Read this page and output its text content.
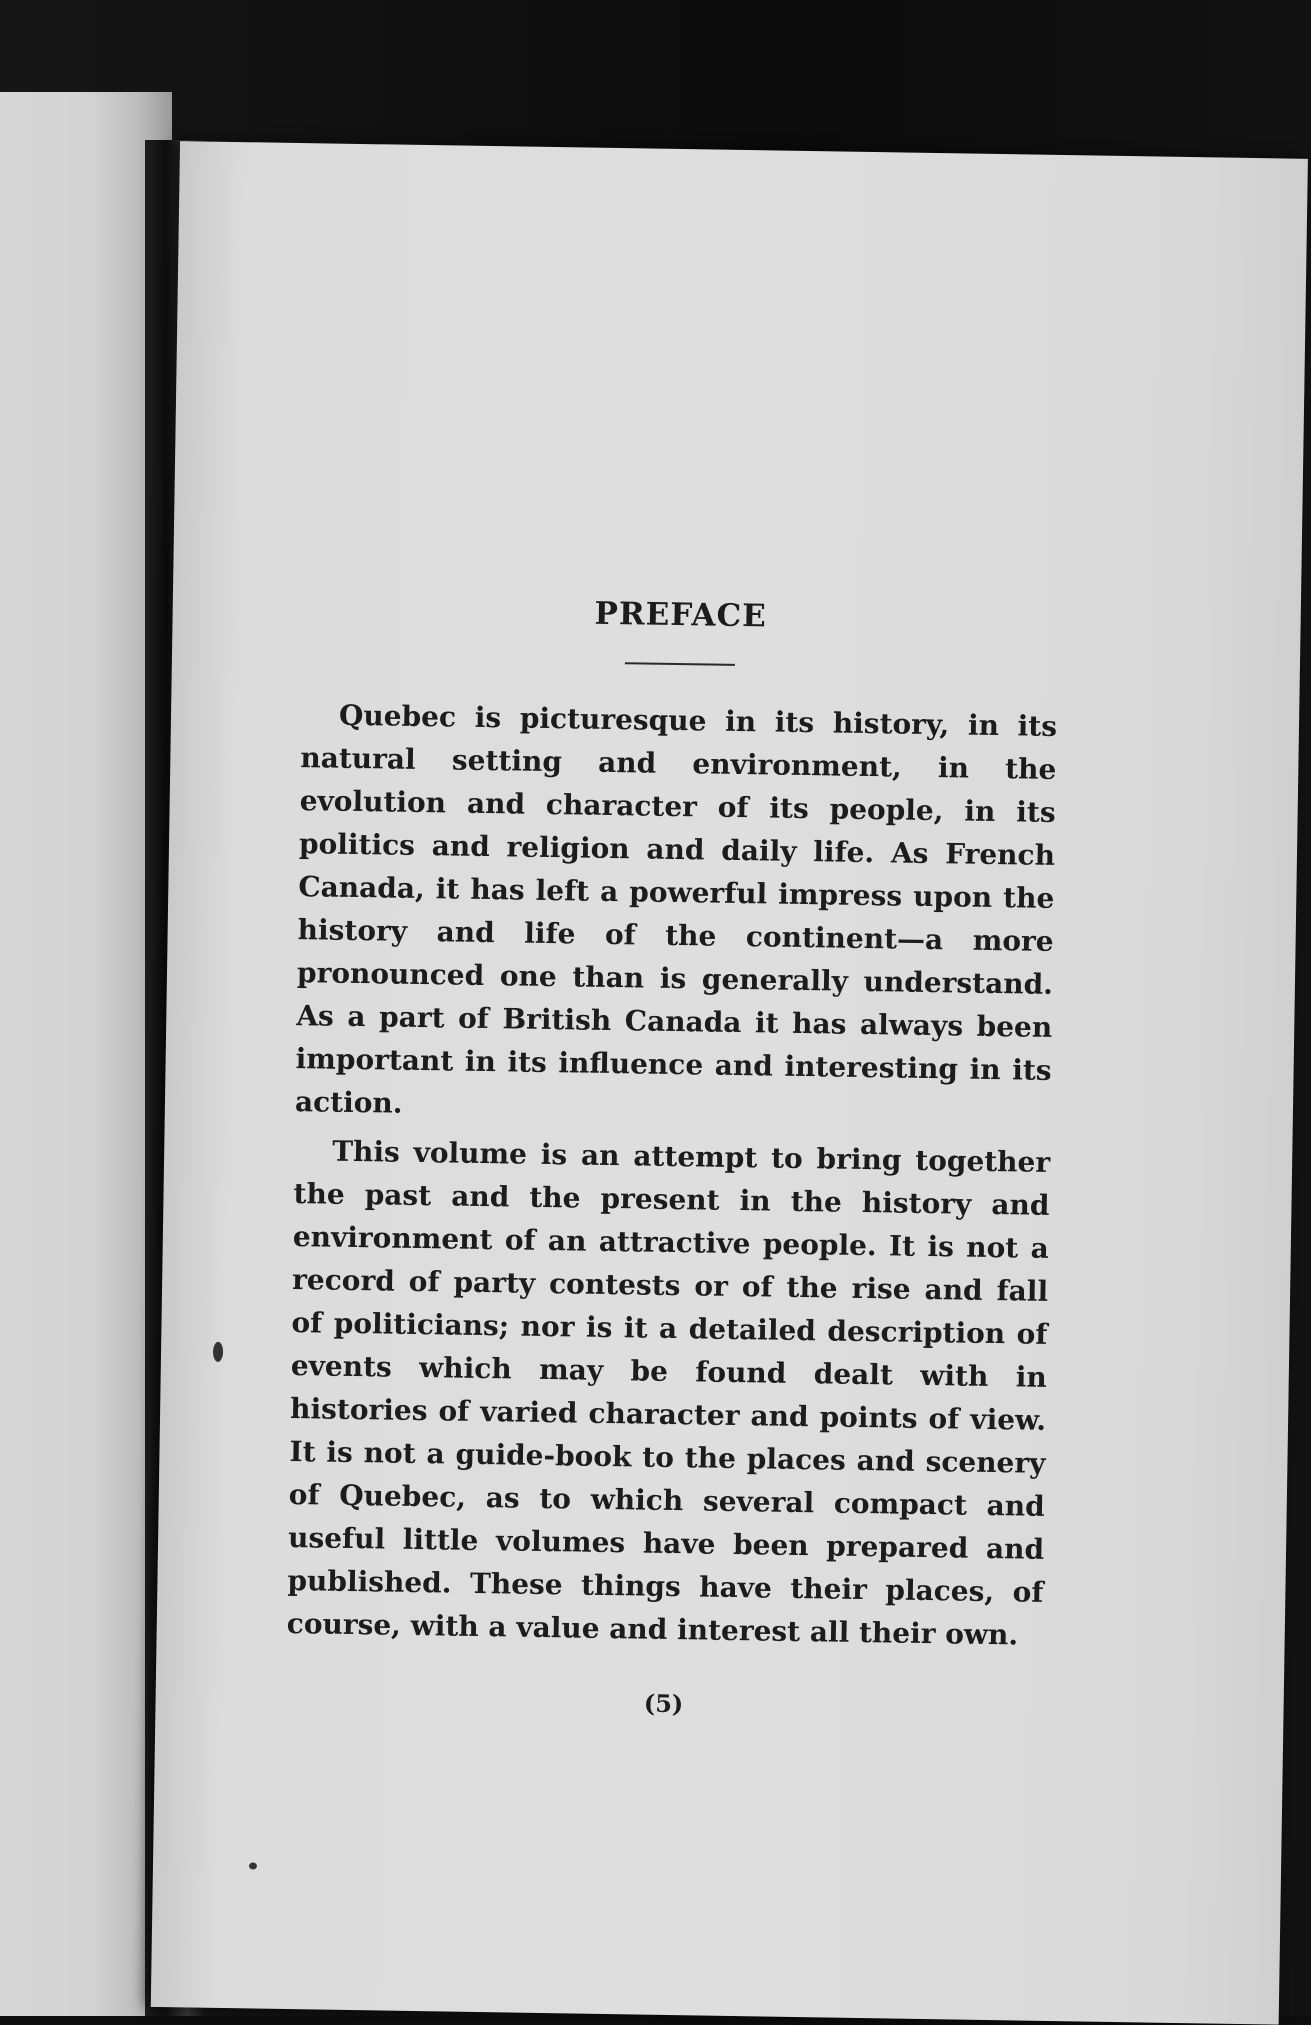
PREFACE

Quebec is picturesque in its history, in its natural setting and environment, in the evolution and character of its people, in its politics and religion and daily life. As French Canada, it has left a powerful impress upon the history and life of the continent—a more pronounced one than is generally understand. As a part of British Canada it has always been important in its influence and interesting in its action.

This volume is an attempt to bring together the past and the present in the history and environment of an attractive people. It is not a record of party contests or of the rise and fall of politicians; nor is it a detailed description of events which may be found dealt with in histories of varied character and points of view. It is not a guide-book to the places and scenery of Quebec, as to which several compact and useful little volumes have been prepared and published. These things have their places, of course, with a value and interest all their own.

(5)
